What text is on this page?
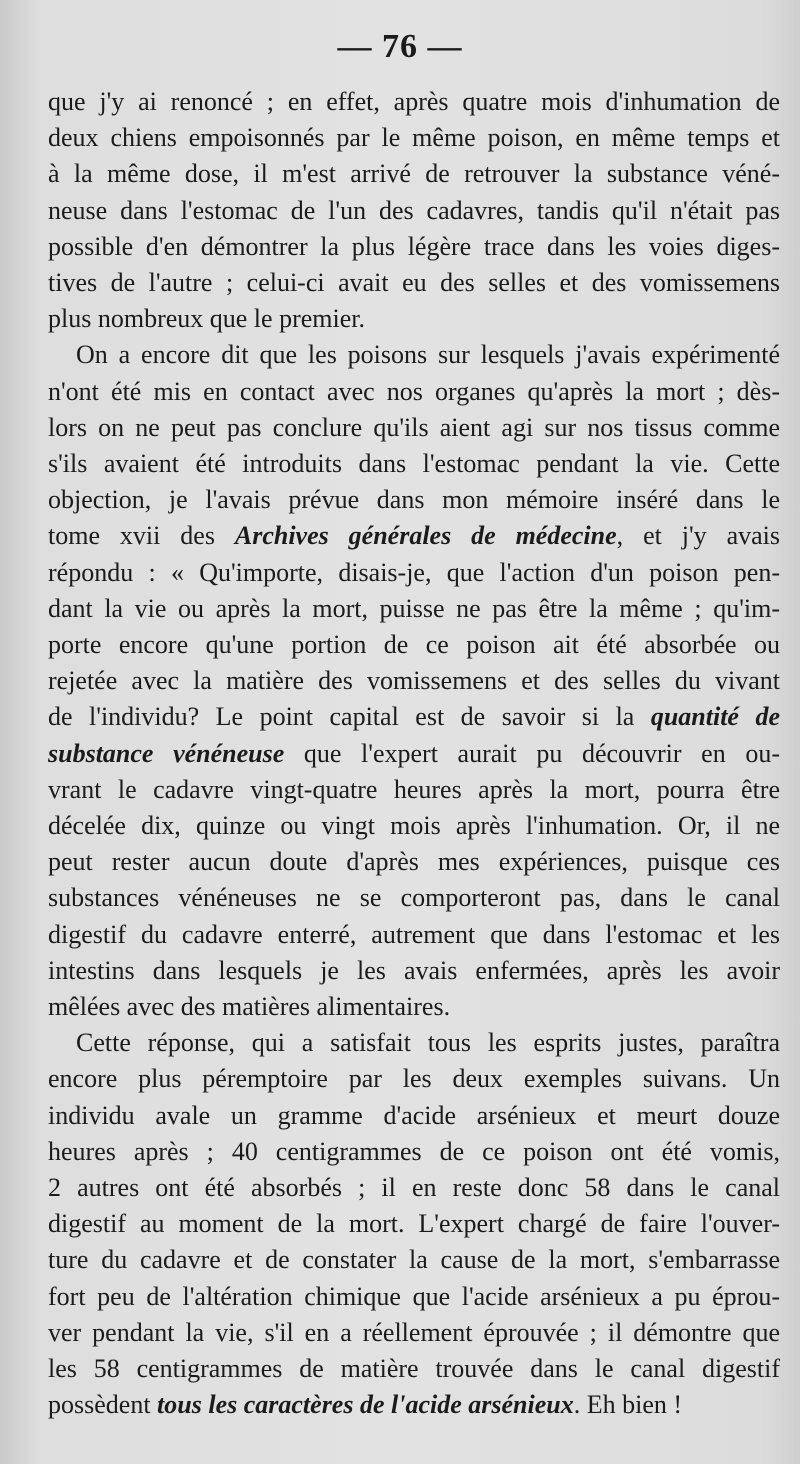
— 76 —
que j'y ai renoncé ; en effet, après quatre mois d'inhumation de
deux chiens empoisonnés par le même poison, en même temps et
à la même dose, il m'est arrivé de retrouver la substance véné-
neuse dans l'estomac de l'un des cadavres, tandis qu'il n'était pas
possible d'en démontrer la plus légère trace dans les voies diges-
tives de l'autre ; celui-ci avait eu des selles et des vomissemens
plus nombreux que le premier.
On a encore dit que les poisons sur lesquels j'avais expérimenté
n'ont été mis en contact avec nos organes qu'après la mort ; dès-
lors on ne peut pas conclure qu'ils aient agi sur nos tissus comme
s'ils avaient été introduits dans l'estomac pendant la vie. Cette
objection, je l'avais prévue dans mon mémoire inséré dans le
tome xvii des Archives générales de médecine, et j'y avais
répondu : « Qu'importe, disais-je, que l'action d'un poison pen-
dant la vie ou après la mort, puisse ne pas être la même ; qu'im-
porte encore qu'une portion de ce poison ait été absorbée ou
rejetée avec la matière des vomissemens et des selles du vivant
de l'individu? Le point capital est de savoir si la quantité de
substance vénéneuse que l'expert aurait pu découvrir en ou-
vrant le cadavre vingt-quatre heures après la mort, pourra être
décelée dix, quinze ou vingt mois après l'inhumation. Or, il ne
peut rester aucun doute d'après mes expériences, puisque ces
substances vénéneuses ne se comporteront pas, dans le canal
digestif du cadavre enterré, autrement que dans l'estomac et les
intestins dans lesquels je les avais enfermées, après les avoir
mêlées avec des matières alimentaires.
Cette réponse, qui a satisfait tous les esprits justes, paraîtra
encore plus péremptoire par les deux exemples suivans. Un
individu avale un gramme d'acide arsénieux et meurt douze
heures après ; 40 centigrammes de ce poison ont été vomis,
2 autres ont été absorbés ; il en reste donc 58 dans le canal
digestif au moment de la mort. L'expert chargé de faire l'ouver-
ture du cadavre et de constater la cause de la mort, s'embarrasse
fort peu de l'altération chimique que l'acide arsénieux a pu éprou-
ver pendant la vie, s'il en a réellement éprouvée ; il démontre que
les 58 centigrammes de matière trouvée dans le canal digestif
possèdent tous les caractères de l'acide arsénieux. Eh bien !
